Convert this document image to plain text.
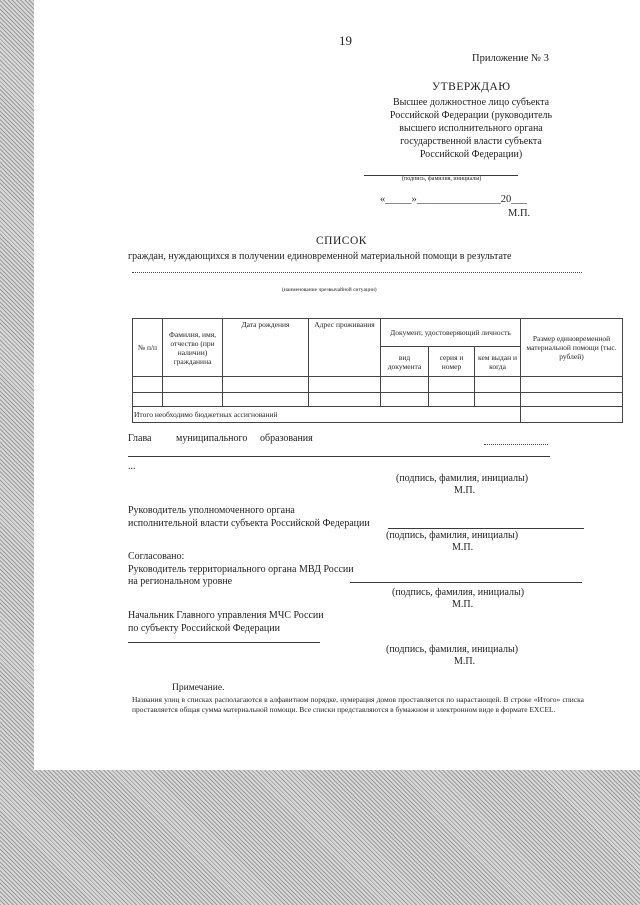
19
Приложение № 3
УТВЕРЖДАЮ
Высшее должностное лицо субъекта
Российской Федерации (руководитель
высшего исполнительного органа
государственной власти субъекта
Российской Федерации)
(подпись, фамилия, инициалы)
«_____»________________20___
М.П.
СПИСОК
граждан, нуждающихся в получении единовременной материальной помощи в результате
(наименование чрезвычайной ситуации)
№ п/п	Фамилия, имя, отчество (при наличии) гражданина	Дата рождения	Адрес проживания	Документ, удостоверяющий личность			Размер единовременной материальной помощи (тыс. рублей)
				вид документа	серия и номер	кем выдан и когда	

Итого необходимо бюджетных ассигнований							
Глава муниципального образования
...
(подпись, фамилия, инициалы)
М.П.
Руководитель уполномоченного органа
исполнительной власти субъекта Российской Федерации
(подпись, фамилия, инициалы)
М.П.
Согласовано:
Руководитель территориального органа МВД России
на региональном уровне
(подпись, фамилия, инициалы)
М.П.
Начальник Главного управления МЧС России
по субъекту Российской Федерации
(подпись, фамилия, инициалы)
М.П.
Примечание.
Названия улиц в списках располагаются в алфавитном порядке, нумерация домов проставляется по нарастающей. В строке «Итого» списка проставляется общая сумма материальной помощи. Все списки представляются в бумажном и электронном виде в формате EXCEL.
